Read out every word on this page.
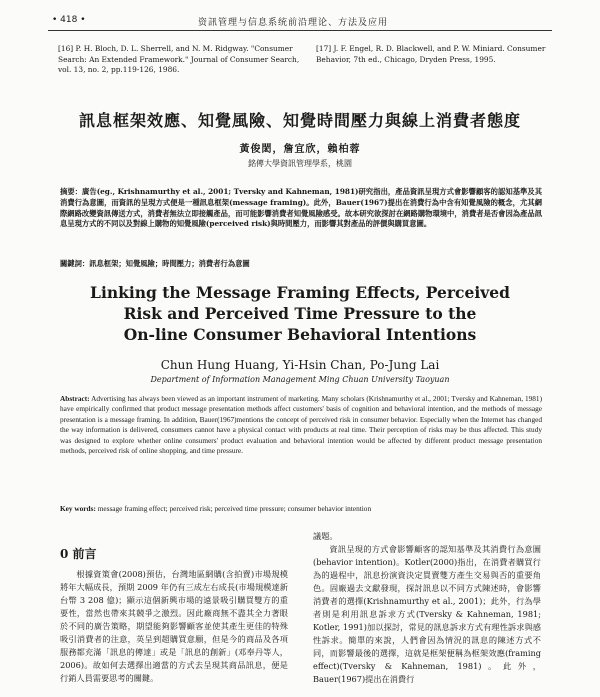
• 418 •	资訊管理与信息系统前沿理论、方法及应用
[16] P. H. Bloch, D. L. Sherrell, and N. M. Ridgway. "Consumer Search: An Extended Framework." Journal of Consumer Search, vol. 13, no. 2, pp.119-126, 1986.
[17] J. F. Engel, R. D. Blackwell, and P. W. Miniard. Consumer Behavior, 7th ed., Chicago, Dryden Press, 1995.
訊息框架效應、知覺風險、知覺時間壓力與線上消費者態度
黃俊閎，詹宜欣，賴柏蓉
銘傳大學資訊管理學系，桃園
摘要：廣告(eg., Krishnamurthy et al., 2001; Tversky and Kahneman, 1981)研究指出，產品資訊呈現方式會影響顧客的認知基準及其消費行為意圖，而資訊的呈現方式便是一種訊息框架(message framing)。此外，Bauer(1967)提出在消費行為中含有知覺風險的概念，尤其網際網路改變資訊傳送方式，消費者無法立即接觸產品，而可能影響消費者知覺風險感受。故本研究欲探討在網路購物環境中，消費者是否會因為產品訊息呈現方式的不同以及對線上購物的知覺風險(perceived risk)與時間壓力，而影響其對產品的評價與購買意圖。
關鍵詞：訊息框架；知覺風險；時間壓力；消費者行為意圖
Linking the Message Framing Effects, Perceived
Risk and Perceived Time Pressure to the
On-line Consumer Behavioral Intentions
Chun Hung Huang, Yi-Hsin Chan, Po-Jung Lai
Department of Information Management Ming Chuan University Taoyuan
Abstract: Advertising has always been viewed as an important instrument of marketing. Many scholars (Krishnamurthy et al., 2001; Tversky and Kahneman, 1981) have empirically confirmed that product message presentation methods affect customers' basis of cognition and behavioral intention, and the methods of message presentation is a message framing. In addition, Bauer(1967)mentions the concept of perceived risk in consumer behavior. Especially when the Internet has changed the way information is delivered, consumers cannot have a physical contact with products at real time. Their perception of risks may be thus affected. This study was designed to explore whether online consumers' product evaluation and behavioral intention would be affected by different product message presentation methods, perceived risk of online shopping, and time pressure.
Key words: message framing effect; perceived risk; perceived time pressure; consumer behavior intention
0 前言
根據資策會(2008)預估，台灣地區網購(含拍賣)市場規模將年大幅成長，預期 2009 年仍有三成左右成長(市場規模達新台幣 3 208 億)；顯示這個新興市場的遠景吸引購買雙方的重要性，當然也帶來其競爭之激烈。因此廠商無不盡其全力著眼於不同的廣告策略，期望能夠影響顧客並使其產生更佳的特殊吸引消費者的注意，英呈到超購買意願，但是今的商品及各項服務都充滿「訊息的傳達」或是「訊息的創新」(邓奉丹等人，2006)。故如何去選擇出適當的方式去呈現其商品訊息，便是行銷人員需要思考的關鍵。
議題。
資訊呈現的方式會影響顧客的認知基準及其消費行為意圖(behavior intention)。Kotler(2000)指出，在消費者購買行為的過程中，訊息扮演資決定買賣雙方產生交易與否的重要角色。固廠過去文獻發現，探討訊息以不同方式陳述時，會影響消費者的選擇(Krishnamurthy et al., 2001)；此外，行為學者則是利用訊息訴求方式(Tversky & Kahneman, 1981; Kotler, 1991)加以探討，常見的訊息訴求方式有理性訴求與感性訴求。簡單的來說，人們會因為情況的訊息的陳述方式不同，而影響最後的選擇，這就是框架便稱為框架效應(framing effect)(Tversky & Kahneman, 1981)。此外，Bauer(1967)提出在消費行
